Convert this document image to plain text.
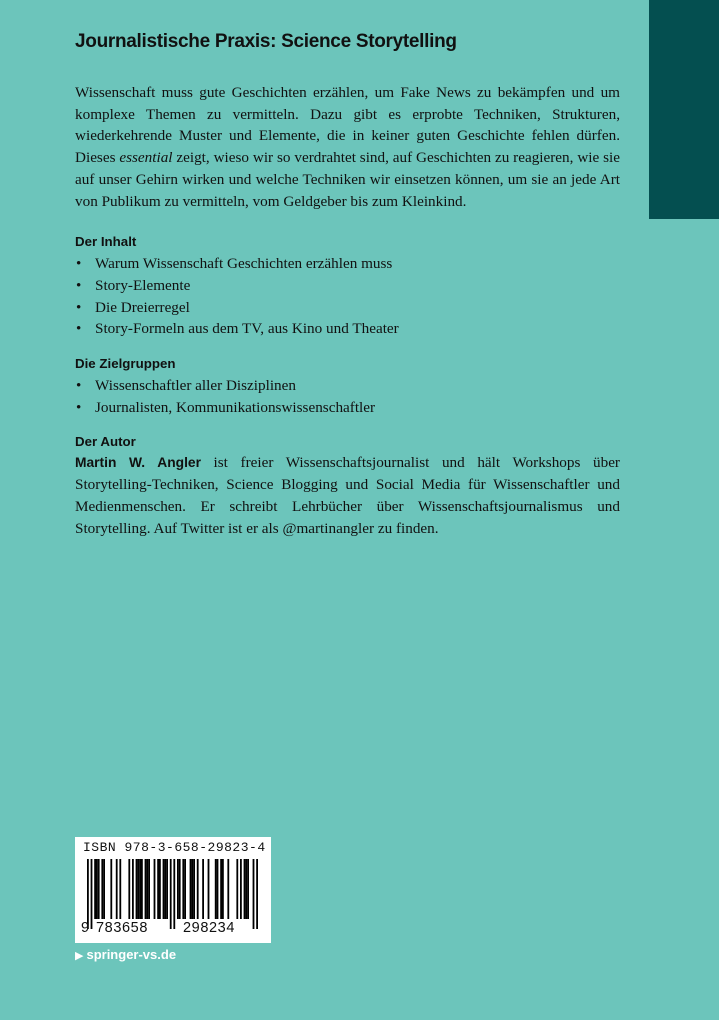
Journalistische Praxis: Science Storytelling

Wissenschaft muss gute Geschichten erzählen, um Fake News zu bekämpfen und um komplexe Themen zu vermitteln. Dazu gibt es erprobte Techniken, Strukturen, wiederkehrende Muster und Elemente, die in keiner guten Geschichte fehlen dürfen. Dieses essential zeigt, wieso wir so verdrahtet sind, auf Geschichten zu reagieren, wie sie auf unser Gehirn wirken und welche Techniken wir einsetzen können, um sie an jede Art von Publikum zu vermitteln, vom Geldgeber bis zum Kleinkind.

Der Inhalt
• Warum Wissenschaft Geschichten erzählen muss
• Story-Elemente
• Die Dreierregel
• Story-Formeln aus dem TV, aus Kino und Theater
Die Zielgruppen
• Wissenschaftler aller Disziplinen
• Journalisten, Kommunikationswissenschaftler
Der Autor

Martin W. Angler ist freier Wissenschaftsjournalist und hält Workshops über Storytelling-Techniken, Science Blogging und Social Media für Wissenschaftler und Medienmenschen. Er schreibt Lehrbücher über Wissenschaftsjournalismus und Storytelling. Auf Twitter ist er als @martinangler zu finden.

ISBN 978-3-658-29823-4
9 783658 298234
▶ springer-vs.de
